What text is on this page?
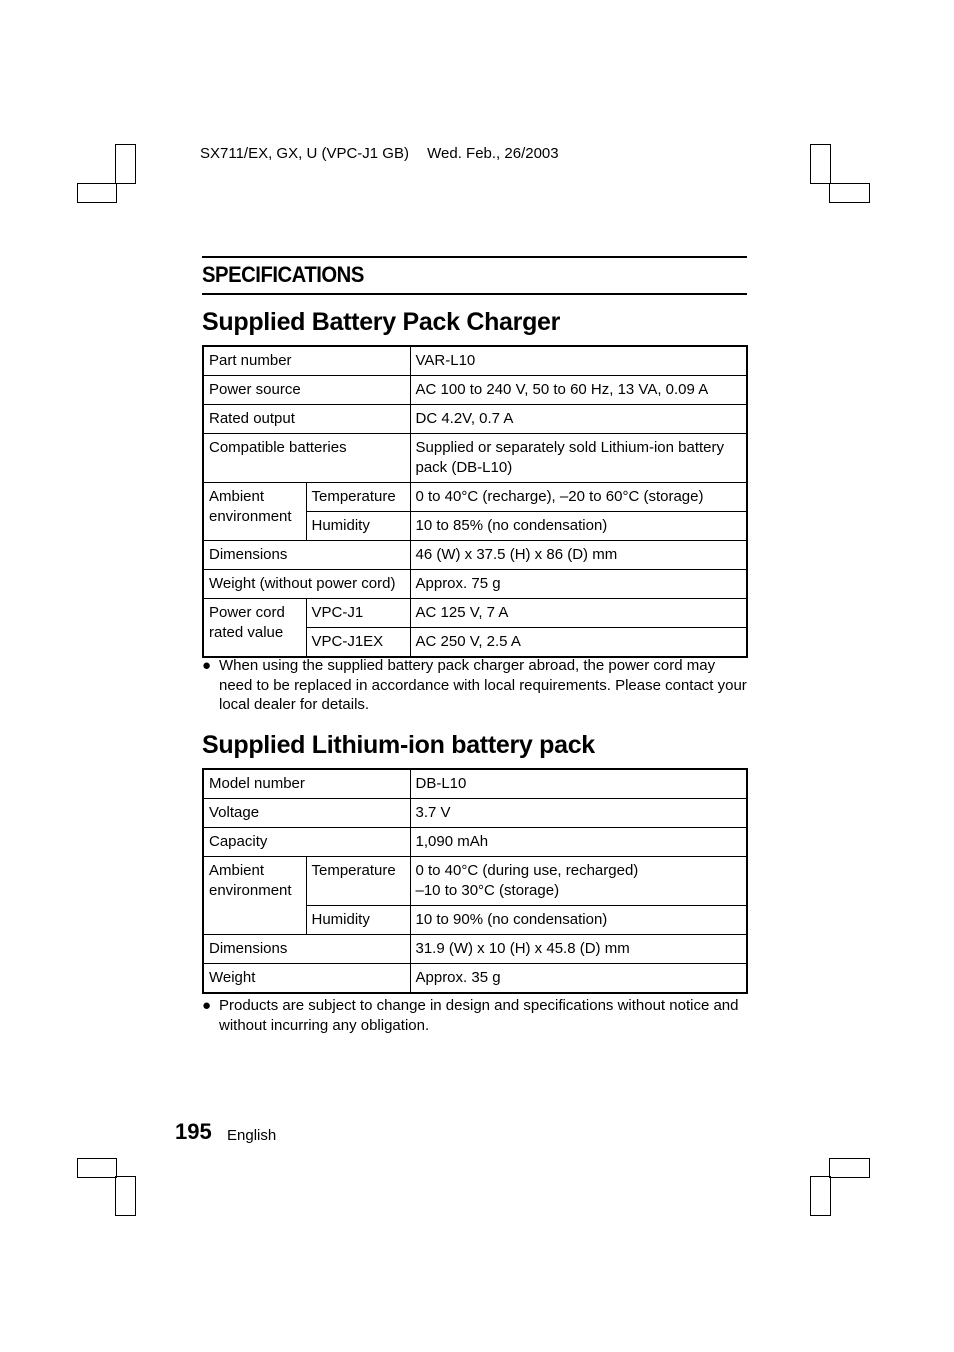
SX711/EX, GX, U (VPC-J1 GB) Wed. Feb., 26/2003
SPECIFICATIONS
Supplied Battery Pack Charger
Part number		VAR-L10
Power source		AC 100 to 240 V, 50 to 60 Hz, 13 VA, 0.09 A
Rated output		DC 4.2V, 0.7 A
Compatible batteries		Supplied or separately sold Lithium-ion battery pack (DB-L10)
Ambient environment	Temperature	0 to 40°C (recharge), –20 to 60°C (storage)
	Humidity	10 to 85% (no condensation)
Dimensions		46 (W) x 37.5 (H) x 86 (D) mm
Weight (without power cord)		Approx. 75 g
Power cord rated value	VPC-J1	AC 125 V, 7 A
	VPC-J1EX	AC 250 V, 2.5 A
● When using the supplied battery pack charger abroad, the power cord may need to be replaced in accordance with local requirements. Please contact your local dealer for details.
Supplied Lithium-ion battery pack
Model number		DB-L10
Voltage		3.7 V
Capacity		1,090 mAh
Ambient environment	Temperature	0 to 40°C (during use, recharged)
–10 to 30°C (storage)

	Humidity	10 to 90% (no condensation)
Dimensions		31.9 (W) x 10 (H) x 45.8 (D) mm
Weight		Approx. 35 g
● Products are subject to change in design and specifications without notice and without incurring any obligation.
195 English
